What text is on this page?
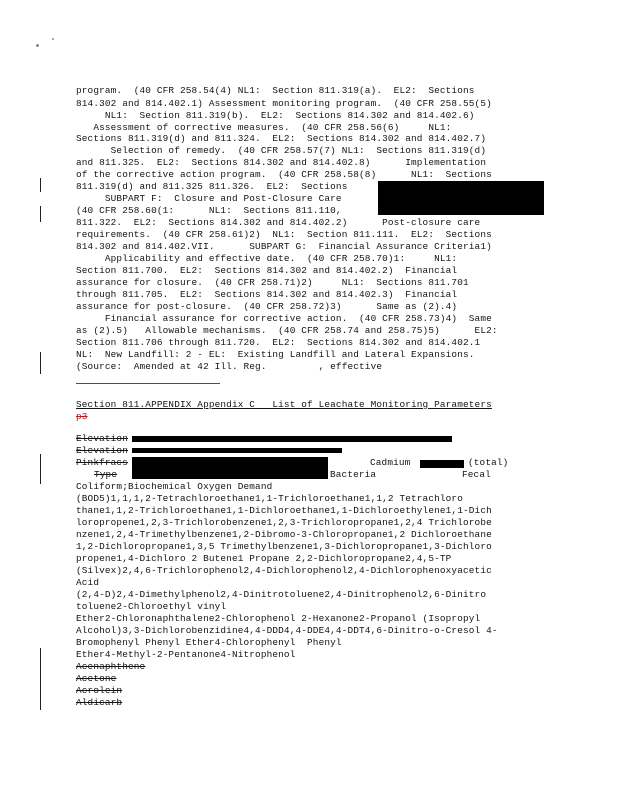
program.  (40 CFR 258.54(4) NL1:  Section 811.319(a).  EL2:  Sections
814.302 and 814.402.1) Assessment monitoring program.  (40 CFR 258.55(5)
NL1:  Section 811.319(b).  EL2:  Sections 814.302 and 814.402.6)
Assessment of corrective measures.  (40 CFR 258.56(6)     NL1:
Sections 811.319(d) and 811.324.  EL2:  Sections 814.302 and 814.402.7)
Selection of remedy.  (40 CFR 258.57(7) NL1:  Sections 811.319(d)
and 811.325.  EL2:  Sections 814.302 and 814.402.8)      Implementation
of the corrective action program.  (40 CFR 258.58(8)      NL1:  Sections
811.319(d) and 811.325 811.326.  EL2:  Sections
SUBPART F:  Closure and Post-Closure Care
(40 CFR 258.60(1:      NL1:  Sections 811.110,
811.322.  EL2:  Sections 814.302 and 814.402.2)      Post-closure care
requirements.  (40 CFR 258.61)2)  NL1:  Section 811.111.  EL2:  Sections
814.302 and 814.402.VII.      SUBPART G:  Financial Assurance Criteria1)
Applicability and effective date.  (40 CFR 258.70)1:     NL1:
Section 811.700.  EL2:  Sections 814.302 and 814.402.2)  Financial
assurance for closure.  (40 CFR 258.71)2)     NL1:  Sections 811.701
through 811.705.  EL2:  Sections 814.302 and 814.402.3)  Financial
assurance for post-closure.  (40 CFR 258.72)3)      Same as (2).4)
Financial assurance for corrective action.  (40 CFR 258.73)4)  Same
as (2).5)   Allowable mechanisms.  (40 CFR 258.74 and 258.75)5)      EL2:
Section 811.706 through 811.720.  EL2:  Sections 814.302 and 814.402.1
NL:  New Landfill: 2 - EL:  Existing Landfill and Lateral Expansions.
(Source:  Amended at 42 Ill. Reg.         , effective
Section 811.APPENDIX Appendix C   List of Leachate Monitoring Parameters
p3
Elevation
Elevation
Pinkfracs	Cadmium	(total)
Type	Bacteria	Fecal
Coliform;Biochemical Oxygen Demand
(BOD5)1,1,1,2-Tetrachloroethane1,1-Trichloroethane1,1,2 Tetrachloro
thane1,1,2-Trichloroethane1,1-Dichloroethane1,1-Dichloroethylene1,1-Dich
loropropene1,2,3-Trichlorobenzene1,2,3-Trichloropropane1,2,4 Trichlorobe
nzene1,2,4-Trimethylbenzene1,2-Dibromo-3-Chloropropane1,2 Dichloroethane
1,2-Dichloropropane1,3,5 Trimethylbenzene1,3-Dichloropropane1,3-Dichloro
propene1,4-Dichloro 2 Butene1 Propane 2,2-Dichloropropane2,4,5-TP
(Silvex)2,4,6-Trichlorophenol2,4-Dichlorophenol2,4-Dichlorophenoxyacetic
Acid
(2,4-D)2,4-Dimethylphenol2,4-Dinitrotoluene2,4-Dinitrophenol2,6-Dinitro
toluene2-Chloroethyl vinyl
Ether2-Chloronaphthalene2-Chlorophenol 2-Hexanone2-Propanol (Isopropyl
Alcohol)3,3-Dichlorobenzidine4,4-DDD4,4-DDE4,4-DDT4,6-Dinitro-o-Cresol 4-
Bromophenyl Phenyl Ether4-Chlorophenyl  Phenyl
Ether4-Methyl-2-Pentanone4-Nitrophenol
Acenaphthene
Acetone
Acrolein
Aldicarb
